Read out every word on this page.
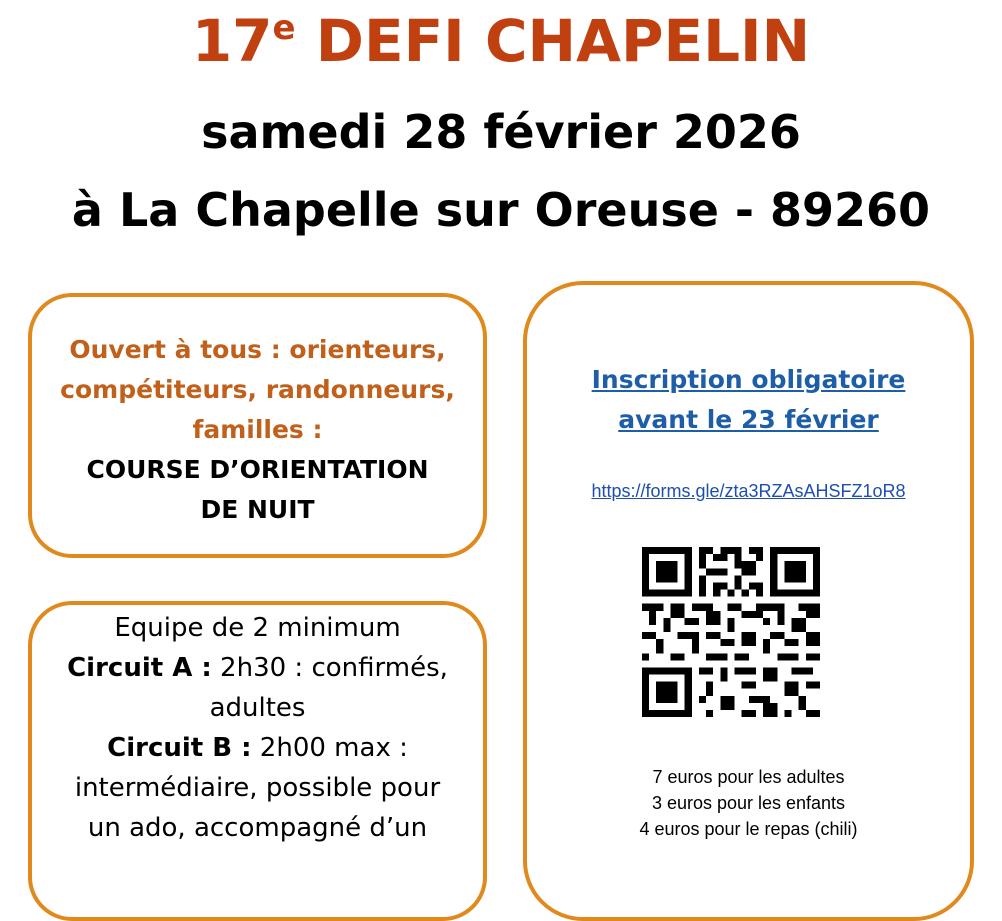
17e DEFI CHAPELIN
samedi 28 février 2026
à La Chapelle sur Oreuse - 89260
Ouvert à tous : orienteurs,
compétiteurs, randonneurs,
familles :
COURSE D’ORIENTATION
DE NUIT
Equipe de 2 minimum
Circuit A : 2h30 : confirmés,
adultes
Circuit B : 2h00 max :
intermédiaire, possible pour
un ado, accompagné d’un
Inscription obligatoire
avant le 23 février
https://forms.gle/zta3RZAsAHSFZ1oR8
7 euros pour les adultes
3 euros pour les enfants
4 euros pour le repas (chili)
